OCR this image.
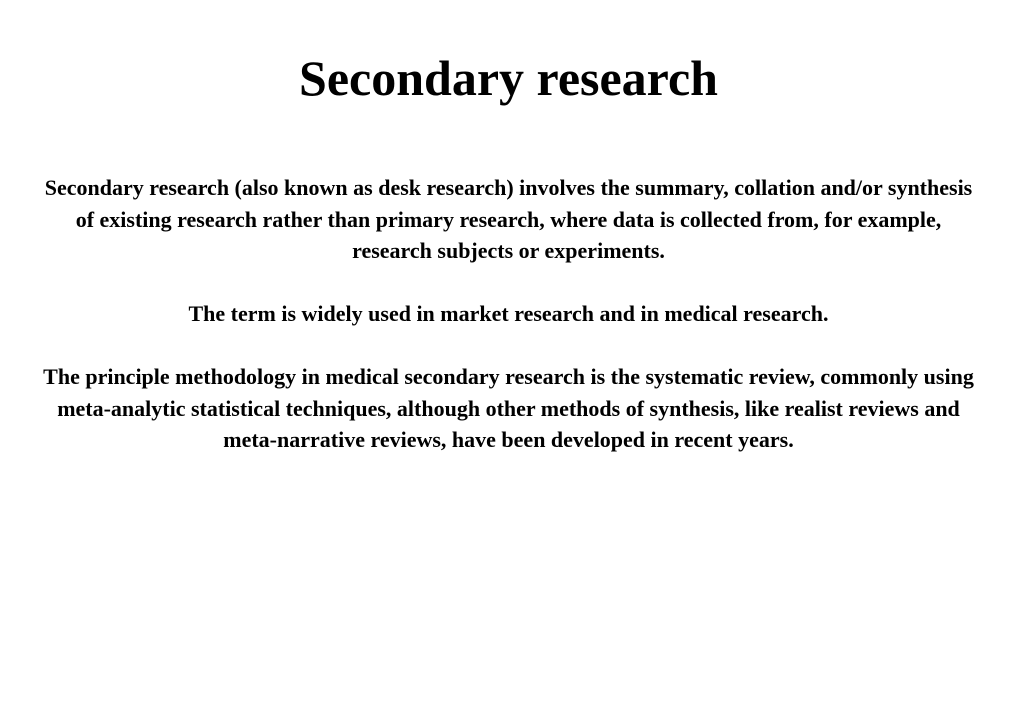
Secondary research

Secondary research (also known as desk research) involves the summary, collation and/or synthesis of existing research rather than primary research, where data is collected from, for example, research subjects or experiments.

The term is widely used in market research and in medical research.

The principle methodology in medical secondary research is the systematic review, commonly using meta-analytic statistical techniques, although other methods of synthesis, like realist reviews and meta-narrative reviews, have been developed in recent years.
